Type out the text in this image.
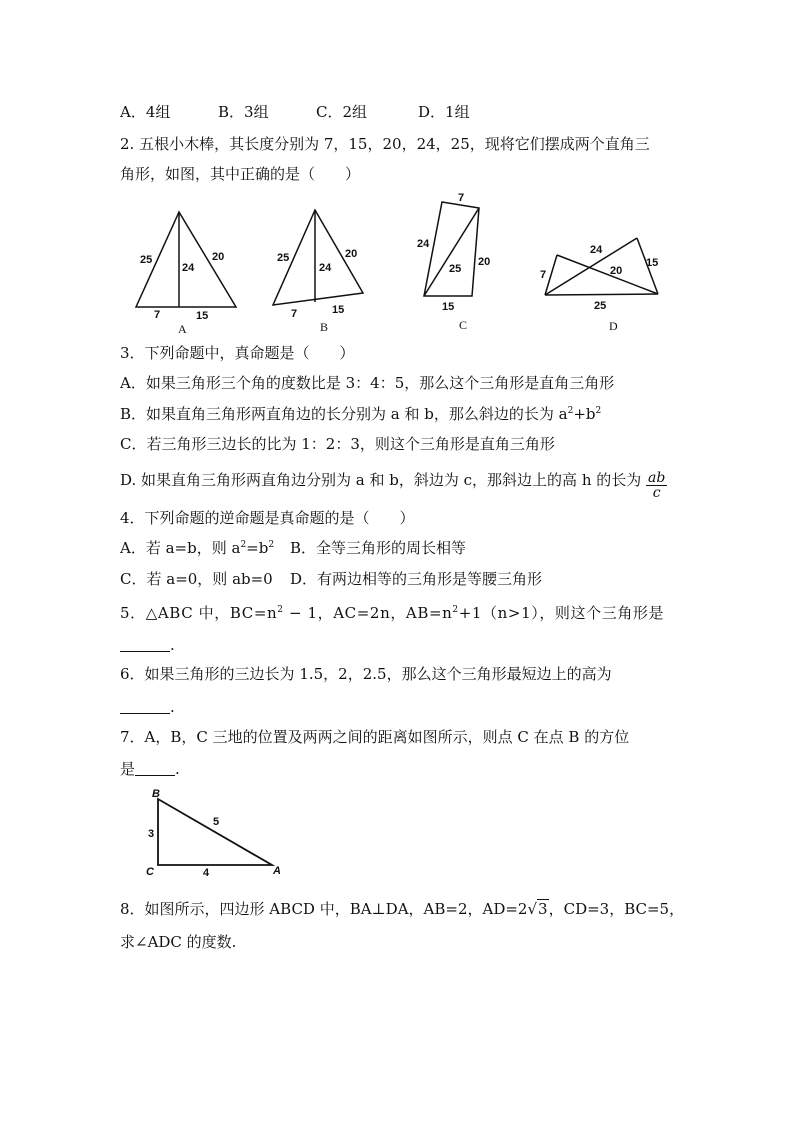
A．4组	B．3组	C．2组	D．1组
2. 五根小木棒，其长度分别为 7，15，20，24，25，现将它们摆成两个直角三
角形，如图，其中正确的是（　　）
25
24
20
7	15
A
25
24
20
7	15
B
7
24
25
20
15
C
24
20
15
7
25
D
3．下列命题中，真命题是（　　）
A．如果三角形三个角的度数比是 3：4：5，那么这个三角形是直角三角形
B．如果直角三角形两直角边的长分别为 a 和 b，那么斜边的长为 $a^2+b^2$
C．若三角形三边长的比为 1：2：3，则这个三角形是直角三角形
D. 如果直角三角形两直角边分别为 a 和 b，斜边为 c，那斜边上的高 h 的长为 $\frac{ab}{c}$
4．下列命题的逆命题是真命题的是（　　）
A．若 a=b，则 $a^2=b^2$ B．全等三角形的周长相等
C．若 a=0，则 ab=0 D．有两边相等的三角形是等腰三角形
5．△ABC 中，$BC=n^2 - 1$，AC=2n，$AB=n^2+1(n>1)$，则这个三角形是
.
6．如果三角形的三边长为 1.5，2，2.5，那么这个三角形最短边上的高为
.
7．A，B，C 三地的位置及两两之间的距离如图所示，则点 C 在点 B 的方位
是	.
B
C	A
3
5
4
8．如图所示，四边形 ABCD 中，BA⊥DA，AB=2，AD=2√3，CD=3，BC=5，
求∠ADC 的度数.
